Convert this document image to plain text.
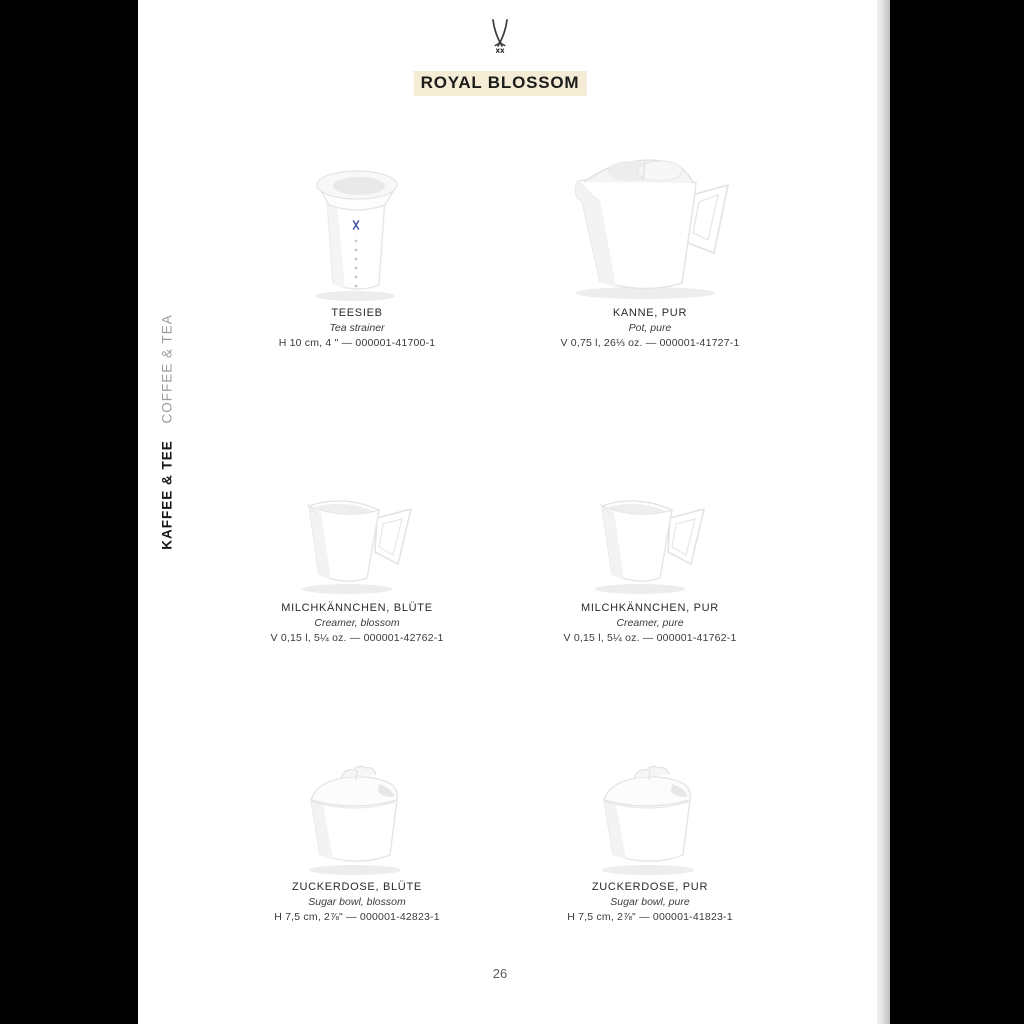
ROYAL BLOSSOM
KAFFEE & TEE COFFEE & TEA
TEESIEB
Tea strainer
H 10 cm, 4 " — 000001-41700-1
KANNE, PUR
Pot, pure
V 0,75 l, 26⅓ oz. — 000001-41727-1
MILCHKÄNNCHEN, BLÜTE
Creamer, blossom
V 0,15 l, 5¼ oz. — 000001-42762-1
MILCHKÄNNCHEN, PUR
Creamer, pure
V 0,15 l, 5¼ oz. — 000001-41762-1
ZUCKERDOSE, BLÜTE
Sugar bowl, blossom
H 7,5 cm, 2⅞" — 000001-42823-1
ZUCKERDOSE, PUR
Sugar bowl, pure
H 7,5 cm, 2⅞" — 000001-41823-1
26
